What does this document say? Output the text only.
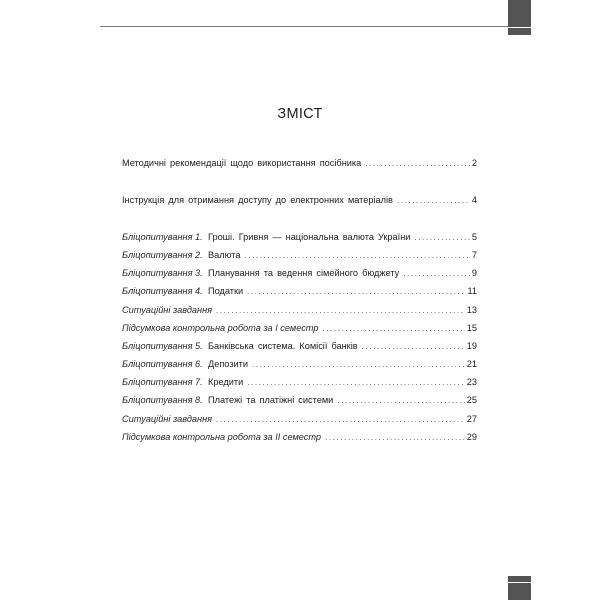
ЗМІСТ
Методичні рекомендації щодо використання посібника .....	2
Інструкція для отримання доступу до електронних матеріалів .....	4
Бліцопитування 1. Гроші. Гривня — національна валюта України .....	5
Бліцопитування 2. Валюта .....	7
Бліцопитування 3. Планування та ведення сімейного бюджету .....	9
Бліцопитування 4. Податки .....	11
Ситуаційні завдання .....	13
Підсумкова контрольна робота за I семестр .....	15
Бліцопитування 5. Банківська система. Комісії банків .....	19
Бліцопитування 6. Депозити .....	21
Бліцопитування 7. Кредити .....	23
Бліцопитування 8. Платежі та платіжні системи .....	25
Ситуаційні завдання .....	27
Підсумкова контрольна робота за II семестр .....	29
